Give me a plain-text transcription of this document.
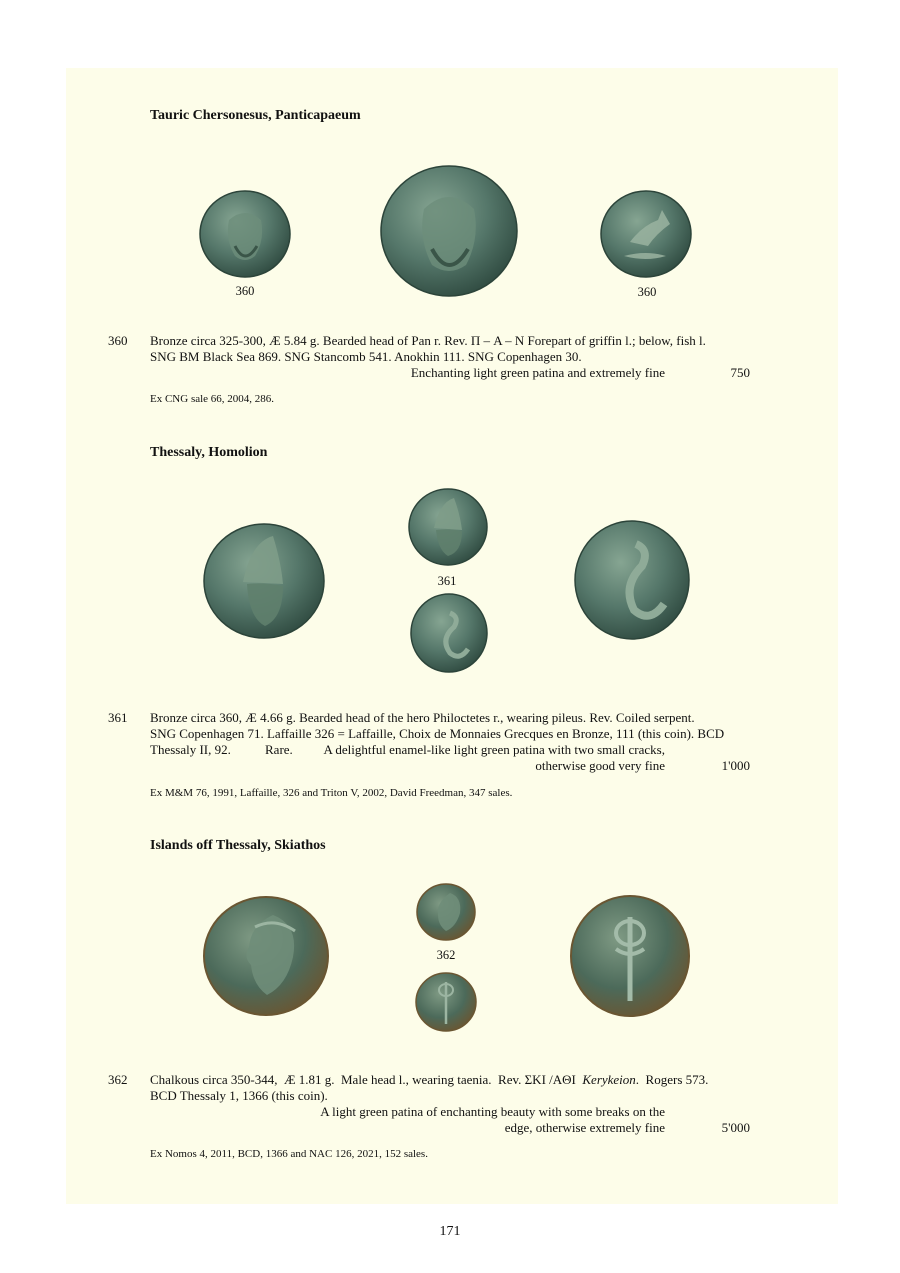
Tauric Chersonesus, Panticapaeum
360	360
360 Bronze circa 325-300, Æ 5.84 g. Bearded head of Pan r. Rev. Π – A – N Forepart of griffin l.; below, fish l.
SNG BM Black Sea 869. SNG Stancomb 541. Anokhin 111. SNG Copenhagen 30.
Enchanting light green patina and extremely fine	750
Ex CNG sale 66, 2004, 286.
Thessaly, Homolion
361
361 Bronze circa 360, Æ 4.66 g. Bearded head of the hero Philoctetes r., wearing pileus. Rev. Coiled serpent.
SNG Copenhagen 71. Laffaille 326 = Laffaille, Choix de Monnaies Grecques en Bronze, 111 (this coin). BCD
Thessaly II, 92.	Rare.	A delightful enamel-like light green patina with two small cracks,
otherwise good very fine	1'000
Ex M&M 76, 1991, Laffaille, 326 and Triton V, 2002, David Freedman, 347 sales.
Islands off Thessaly, Skiathos
362
362 Chalkous circa 350-344,  Æ 1.81 g.  Male head l., wearing taenia.  Rev. ΣKI /AΘI  Kerykeion.  Rogers 573.
BCD Thessaly 1, 1366 (this coin).
A light green patina of enchanting beauty with some breaks on the
edge, otherwise extremely fine	5'000
Ex Nomos 4, 2011, BCD, 1366 and NAC 126, 2021, 152 sales.
171
